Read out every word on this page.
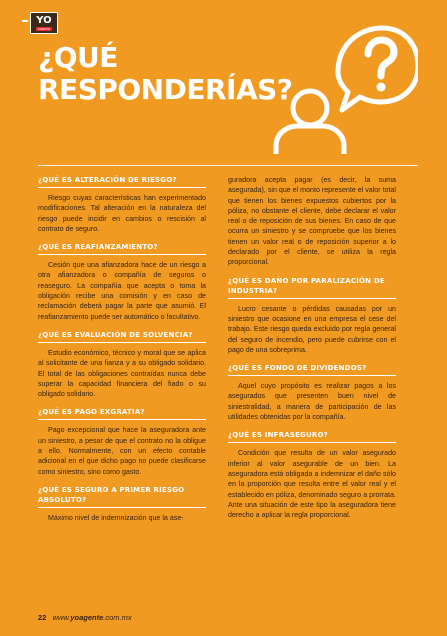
YO
AGENTE
¿QUÉ
RESPONDERÍAS?
¿QUÉ ES ALTERACIÓN DE RIESGO?

Riesgo cuyas características han experimentado modificaciones. Tal alteración en la naturaleza del riesgo puede incidir en cambios o rescisión al contrato de seguro.

¿QUÉ ES REAFIANZAMIENTO?

Cesión que una afianzadora hace de un riesgo a otra afianzadora o compañía de seguros o reaseguro. La compañía que acepta o toma la obligación recibe una comisión y en caso de reclamación deberá pagar la parte que asumió. El reafianzamiento puede ser automático o facultativo.

¿QUÉ ES EVALUACIÓN DE SOLVENCIA?

Estudio económico, técnico y moral que se aplica al solicitante de una fianza y a su obligado solidario. El total de las obligaciones contraídas nunca debe superar la capacidad financiera del fiado o su obligado solidario.

¿QUÉ ES PAGO EXGRATIA?

Pago excepcional que hace la aseguradora ante un siniestro, a pesar de que el contrato no la obligue a ello. Normalmente, con un efecto contable adicional en el que dicho pago no puede clasificarse como siniestro, sino como gasto.

¿QUÉ ES SEGURO A PRIMER RIESGO ABSOLUTO?

Máximo nivel de indemnización que la ase-

guradora acepta pagar (es decir, la suma asegurada), sin que el monto represente el valor total que tienen los bienes expuestos cubiertos por la póliza, no obstante el cliente, debe declarar el valor real o de reposición de sus bienes. En caso de que ocurra un siniestro y se compruebe que los bienes tienen un valor real o de reposición superior a lo declarado por el cliente, se utiliza la regla proporcional.

¿QUÉ ES DAÑO POR PARALIZACIÓN DE INDUSTRIA?

Lucro cesante o pérdidas causadas por un siniestro que ocasione en una empresa el cese del trabajo. Este riesgo queda excluido por regla general del seguro de incendio, pero puede cubrirse con el pago de una sobreprima.

¿QUÉ ES FONDO DE DIVIDENDOS?

Aquel cuyo propósito es realizar pagos a los asegurados que presenten buen nivel de siniestralidad, a manera de participación de las utilidades obtenidas por la compañía.

¿QUÉ ES INFRASEGURO?

Condición que resulta de un valor asegurado inferior al valor asegurable de un bien. La aseguradora está obligada a indemnizar el daño sólo en la proporción que resulta entre el valor real y el establecido en póliza, denominado seguro a prorrata. Ante una situación de este tipo la aseguradora tiene derecho a aplicar la regla proporcional.

22 www.yoagente.com.mx
